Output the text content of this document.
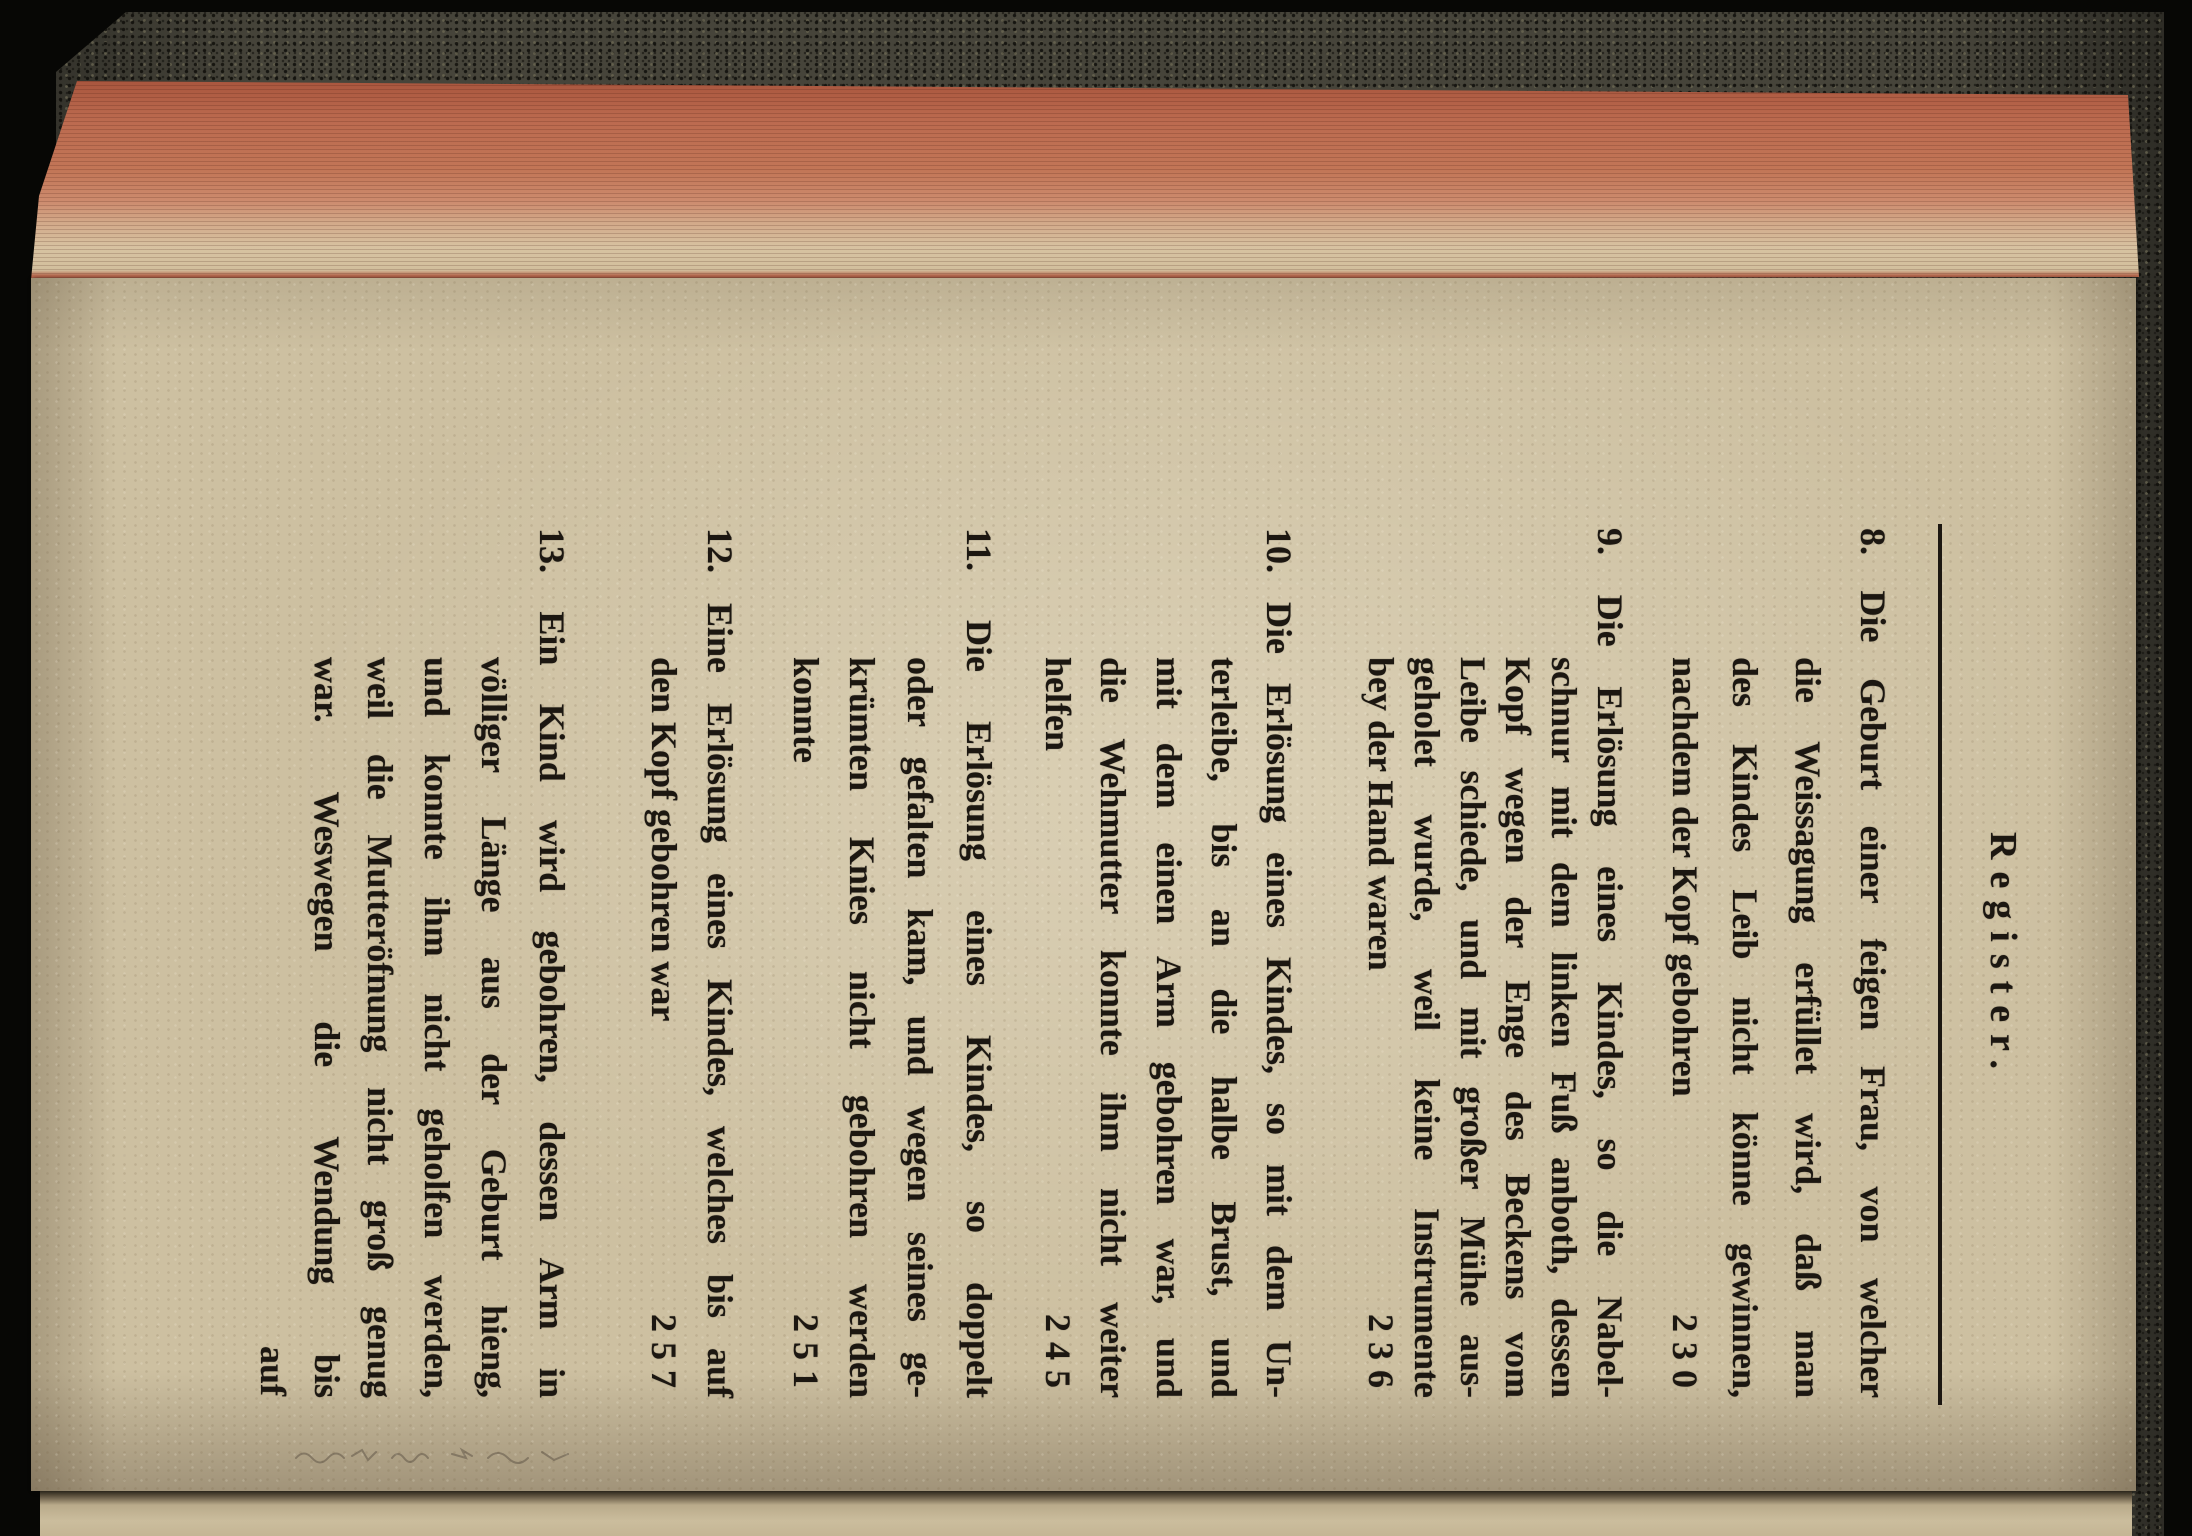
Register.
8. Die Geburt einer feigen Frau, von welcher
die Weissagung erfüllet wird, daß man
des Kindes Leib nicht könne gewinnen,
nachdem der Kopf gebohren
230
9. Die Erlösung eines Kindes, so die Nabel-
schnur mit dem linken Fuß anboth, dessen
Kopf wegen der Enge des Beckens vom
Leibe schiede, und mit großer Mühe aus-
geholet wurde, weil keine Instrumente
bey der Hand waren
236
10. Die Erlösung eines Kindes, so mit dem Un-
terleibe, bis an die halbe Brust, und
mit dem einen Arm gebohren war, und
die Wehmutter konnte ihm nicht weiter
helfen
245
11. Die Erlösung eines Kindes, so doppelt
oder gefalten kam, und wegen seines ge-
krümten Knies nicht gebohren werden
konnte
251
12. Eine Erlösung eines Kindes, welches bis auf
den Kopf gebohren war
257
13. Ein Kind wird gebohren, dessen Arm in
völliger Länge aus der Geburt hieng,
und konnte ihm nicht geholfen werden,
weil die Mutteröfnung nicht groß genug
war. Weswegen die Wendung bis
auf
